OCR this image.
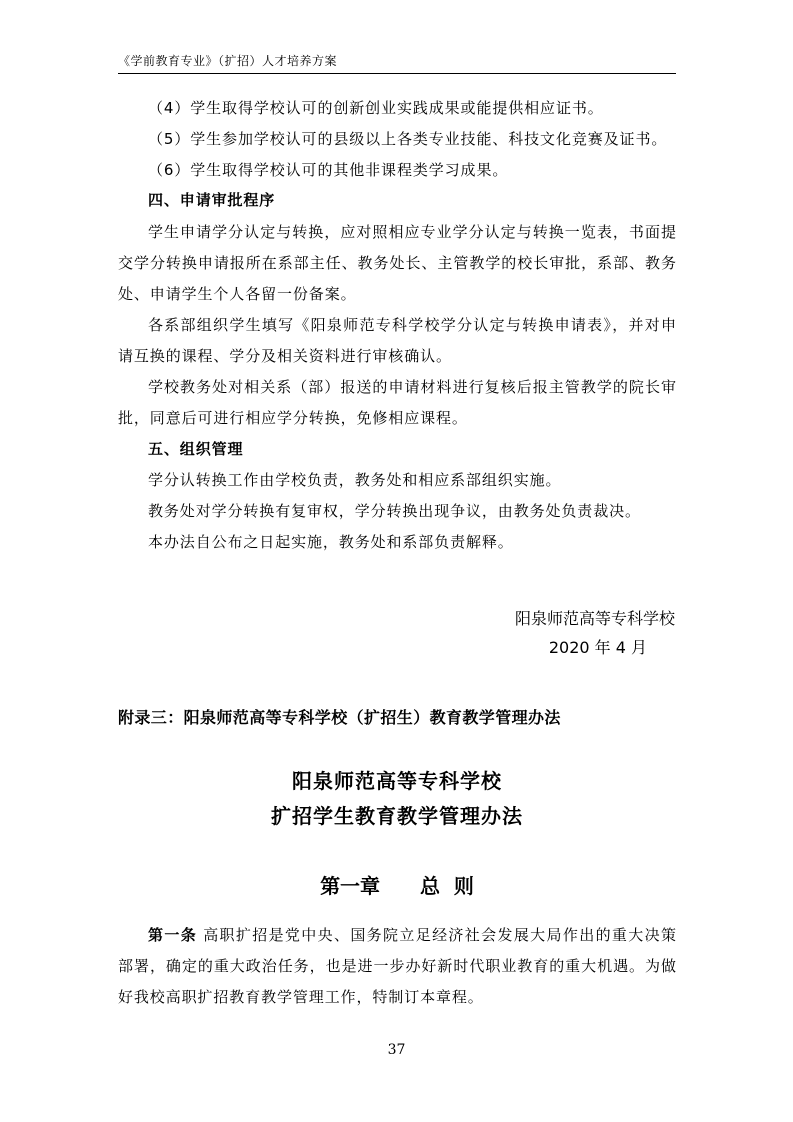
《学前教育专业》（扩招）人才培养方案
（4）学生取得学校认可的创新创业实践成果或能提供相应证书。
（5）学生参加学校认可的县级以上各类专业技能、科技文化竞赛及证书。
（6）学生取得学校认可的其他非课程类学习成果。
四、申请审批程序
学生申请学分认定与转换，应对照相应专业学分认定与转换一览表，书面提
交学分转换申请报所在系部主任、教务处长、主管教学的校长审批，系部、教务
处、申请学生个人各留一份备案。
各系部组织学生填写《阳泉师范专科学校学分认定与转换申请表》，并对申
请互换的课程、学分及相关资料进行审核确认。
学校教务处对相关系（部）报送的申请材料进行复核后报主管教学的院长审
批，同意后可进行相应学分转换，免修相应课程。
五、组织管理
学分认转换工作由学校负责，教务处和相应系部组织实施。
教务处对学分转换有复审权，学分转换出现争议，由教务处负责裁决。
本办法自公布之日起实施，教务处和系部负责解释。
阳泉师范高等专科学校
2020 年 4 月
附录三：阳泉师范高等专科学校（扩招生）教育教学管理办法
阳泉师范高等专科学校
扩招学生教育教学管理办法
第一章 总  则
第一条 高职扩招是党中央、国务院立足经济社会发展大局作出的重大决策
部署，确定的重大政治任务，也是进一步办好新时代职业教育的重大机遇。为做
好我校高职扩招教育教学管理工作，特制订本章程。
37
